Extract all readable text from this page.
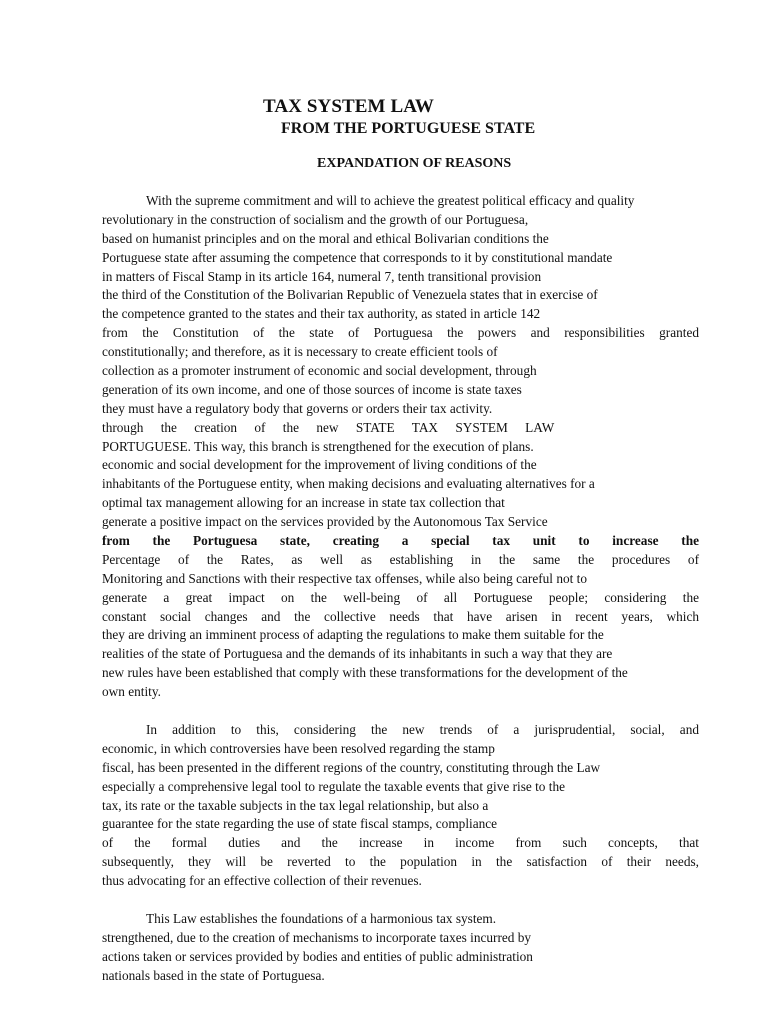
TAX SYSTEM LAW
FROM THE PORTUGUESE STATE
EXPANDATION OF REASONS
With the supreme commitment and will to achieve the greatest political efficacy and quality
revolutionary in the construction of socialism and the growth of our Portuguesa,
based on humanist principles and on the moral and ethical Bolivarian conditions the
Portuguese state after assuming the competence that corresponds to it by constitutional mandate
in matters of Fiscal Stamp in its article 164, numeral 7, tenth transitional provision
the third of the Constitution of the Bolivarian Republic of Venezuela states that in exercise of
the competence granted to the states and their tax authority, as stated in article 142
from the Constitution of the state of Portuguesa the powers and responsibilities granted
constitutionally; and therefore, as it is necessary to create efficient tools of
collection as a promoter instrument of economic and social development, through
generation of its own income, and one of those sources of income is state taxes
they must have a regulatory body that governs or orders their tax activity.
through the creation of the new STATE TAX SYSTEM LAW
PORTUGUESE. This way, this branch is strengthened for the execution of plans.
economic and social development for the improvement of living conditions of the
inhabitants of the Portuguese entity, when making decisions and evaluating alternatives for a
optimal tax management allowing for an increase in state tax collection that
generate a positive impact on the services provided by the Autonomous Tax Service
from the Portuguesa state, creating a special tax unit to increase the
Percentage of the Rates, as well as establishing in the same the procedures of
Monitoring and Sanctions with their respective tax offenses, while also being careful not to
generate a great impact on the well-being of all Portuguese people; considering the
constant social changes and the collective needs that have arisen in recent years, which
they are driving an imminent process of adapting the regulations to make them suitable for the
realities of the state of Portuguesa and the demands of its inhabitants in such a way that they are
new rules have been established that comply with these transformations for the development of the
own entity.
In addition to this, considering the new trends of a jurisprudential, social, and
economic, in which controversies have been resolved regarding the stamp
fiscal, has been presented in the different regions of the country, constituting through the Law
especially a comprehensive legal tool to regulate the taxable events that give rise to the
tax, its rate or the taxable subjects in the tax legal relationship, but also a
guarantee for the state regarding the use of state fiscal stamps, compliance
of the formal duties and the increase in income from such concepts, that
subsequently, they will be reverted to the population in the satisfaction of their needs,
thus advocating for an effective collection of their revenues.
This Law establishes the foundations of a harmonious tax system.
strengthened, due to the creation of mechanisms to incorporate taxes incurred by
actions taken or services provided by bodies and entities of public administration
nationals based in the state of Portuguesa.
